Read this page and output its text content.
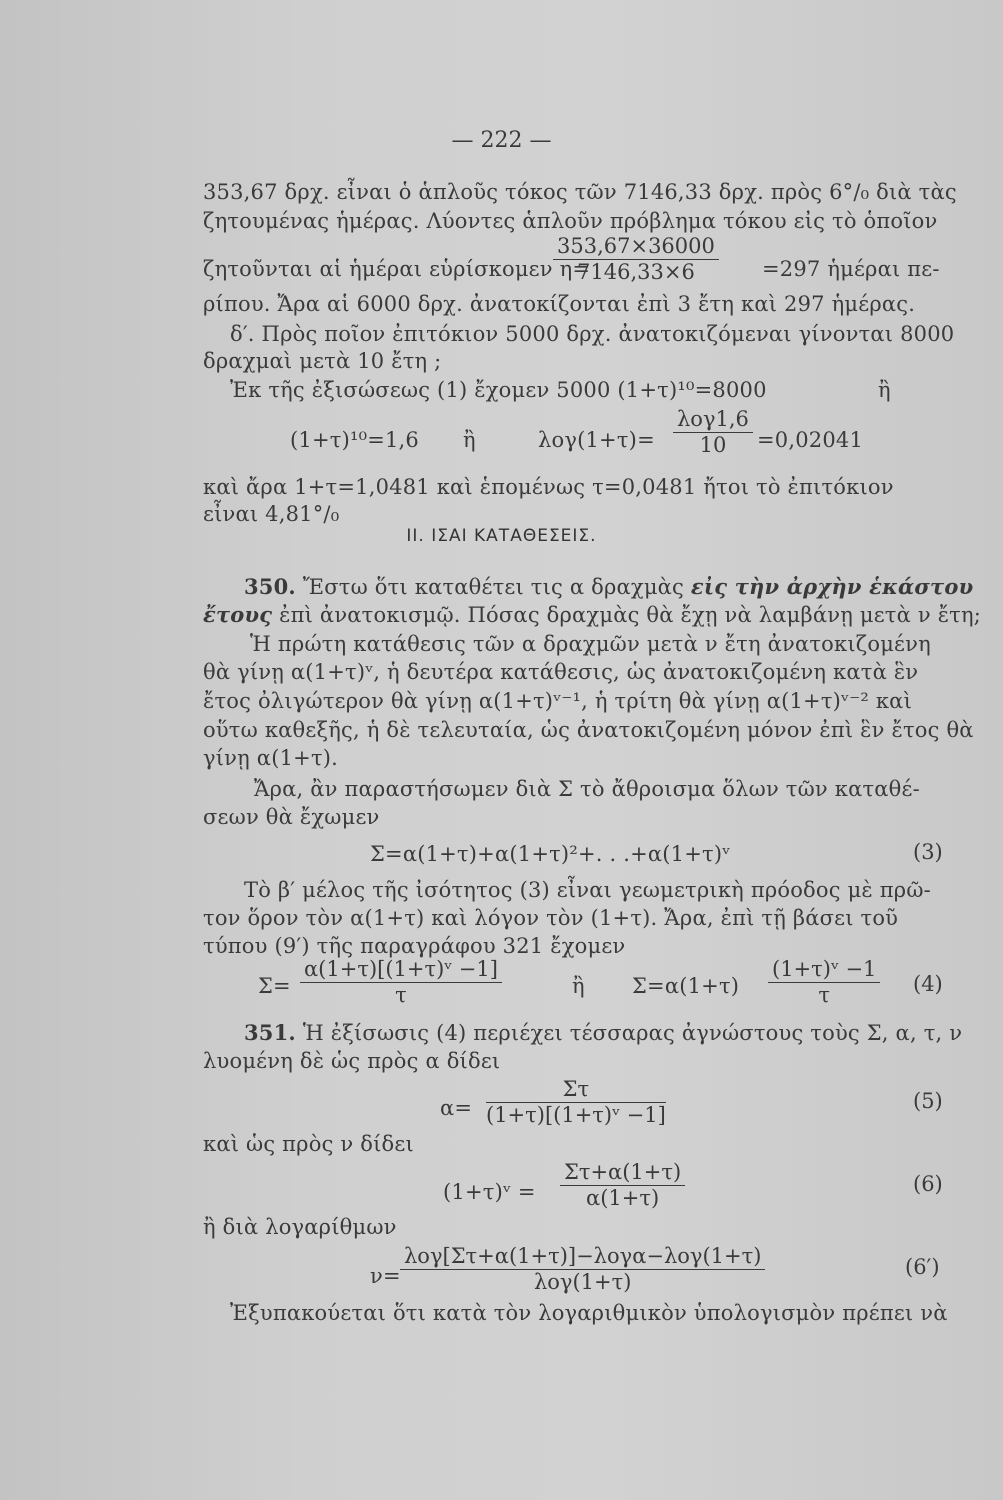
— 222 —
353,67 δρχ. εἶναι ὁ ἁπλοῦς τόκος τῶν 7146,33 δρχ. πρὸς 6°/₀ διὰ τὰς
ζητουμένας ἡμέρας. Λύοντες ἁπλοῦν πρόβλημα τόκου εἰς τὸ ὁποῖον
ζητοῦνται αἱ ἡμέραι εὑρίσκομεν η=
$\frac{353,67\times 36000}{7146,33\times 6} =297$ ἡμέραι πε-
ρίπου. Ἄρα αἱ 6000 δρχ. ἀνατοκίζονται ἐπὶ 3 ἔτη καὶ 297 ἡμέρας.
δ′. Πρὸς ποῖον ἐπιτόκιον 5000 δρχ. ἀνατοκιζόμεναι γίνονται 8000
δραχμαὶ μετὰ 10 ἔτη ;
Ἐκ τῆς ἐξισώσεως (1) ἔχομεν 5000 (1+τ)¹⁰=8000	ἢ
(1+τ)¹⁰=1,6 ἢ	λογ(1+τ)=
λογ1,6
10	=0,02041
καὶ ἄρα 1+τ=1,0481 καὶ ἑπομένως τ=0,0481 ἤτοι τὸ ἐπιτόκιον
εἶναι 4,81°/₀
ΙΙ. ΙΣΑΙ ΚΑΤΑΘΕΣΕΙΣ.
350. Ἔστω ὅτι καταθέτει τις α δραχμὰς εἰς τὴν ἀρχὴν ἑκάστου
ἔτους ἐπὶ ἀνατοκισμῷ. Πόσας δραχμὰς θὰ ἔχῃ νὰ λαμβάνῃ μετὰ ν ἔτη;
Ἡ πρώτη κατάθεσις τῶν α δραχμῶν μετὰ ν ἔτη ἀνατοκιζομένη
θὰ γίνῃ α(1+τ)ᵛ, ἡ δευτέρα κατάθεσις, ὡς ἀνατοκιζομένη κατὰ ἓν
ἔτος ὀλιγώτερον θὰ γίνῃ α(1+τ)ᵛ⁻¹, ἡ τρίτη θὰ γίνῃ α(1+τ)ᵛ⁻² καὶ
οὕτω καθεξῆς, ἡ δὲ τελευταία, ὡς ἀνατοκιζομένη μόνον ἐπὶ ἓν ἔτος θὰ
γίνῃ α(1+τ).
Ἄρα, ἂν παραστήσωμεν διὰ Σ τὸ ἄθροισμα ὅλων τῶν καταθέ-
σεων θὰ ἔχωμεν
Σ=α(1+τ)+α(1+τ)²+. . .+α(1+τ)ᵛ	(3)
Τὸ β′ μέλος τῆς ἰσότητος (3) εἶναι γεωμετρικὴ πρόοδος μὲ πρῶ-
τον ὅρον τὸν α(1+τ) καὶ λόγον τὸν (1+τ). Ἄρα, ἐπὶ τῇ βάσει τοῦ
τύπου (9′) τῆς παραγράφου 321 ἔχομεν
$\Sigma= \frac{\text{α(1+τ)[(1+τ)ᵛ −1]}}{\tau}$	ἢ $\Sigma=\alpha(1+\tau) \frac{\text{(1+τ)ᵛ −1}}{\tau} (4)$
351. Ἡ ἐξίσωσις (4) περιέχει τέσσαρας ἀγνώστους τοὺς Σ, α, τ, ν
λυομένη δὲ ὡς πρὸς α δίδει
$\alpha= \frac{\Sigma\tau}{\text{(1+τ)[(1+τ)ᵛ −1]}}$	(5)
καὶ ὡς πρὸς ν δίδει
(1+τ)ᵛ = $\frac{\Sigma\tau+\alpha(1+\tau)}{\alpha(1+\tau)}$	(6)
ἢ διὰ λογαρίθμων
ν=
λογ[Στ+α(1+τ)]−λογα−λογ(1+τ)
λογ(1+τ)
(6′)
Ἐξυπακούεται ὅτι κατὰ τὸν λογαριθμικὸν ὑπολογισμὸν πρέπει νὰ
